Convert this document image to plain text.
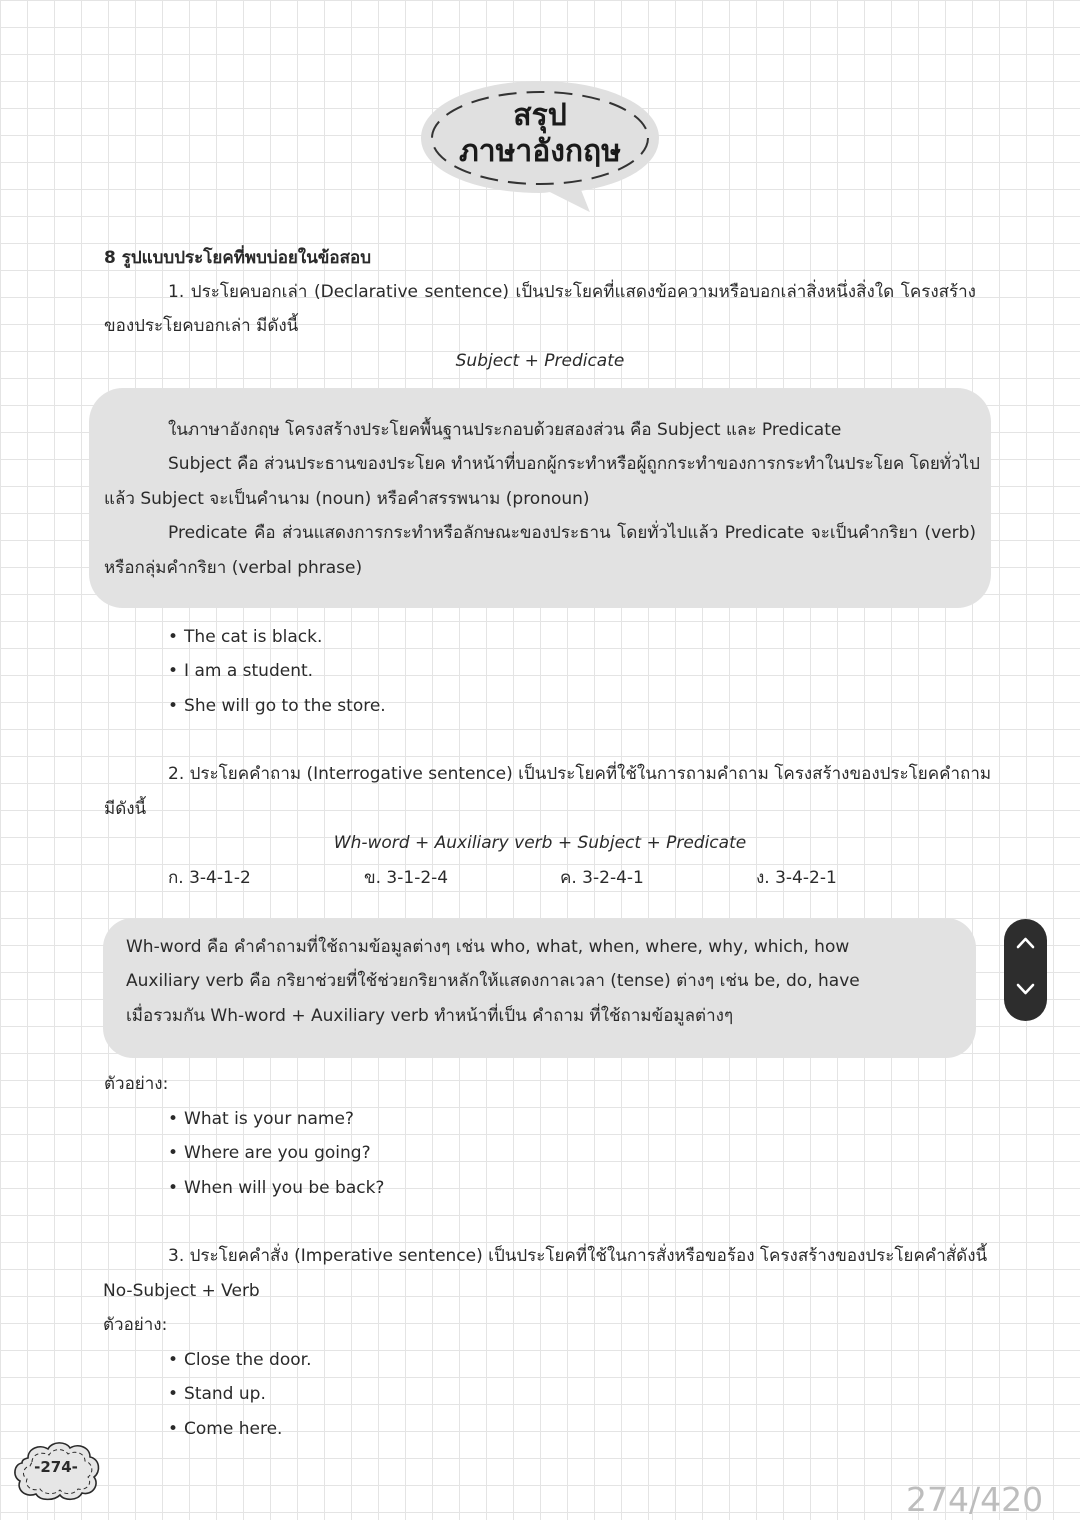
สรุป
ภาษาอังกฤษ
8 รูปแบบประโยคที่พบบ่อยในข้อสอบ
1. ประโยคบอกเล่า (Declarative sentence) เป็นประโยคที่แสดงข้อความหรือบอกเล่าสิ่งหนึ่งสิ่งใด โครงสร้าง
ของประโยคบอกเล่า มีดังนี้
Subject + Predicate
ในภาษาอังกฤษ โครงสร้างประโยคพื้นฐานประกอบด้วยสองส่วน คือ Subject และ Predicate
Subject คือ ส่วนประธานของประโยค ทำหน้าที่บอกผู้กระทำหรือผู้ถูกกระทำของการกระทำในประโยค โดยทั่วไป
แล้ว Subject จะเป็นคำนาม (noun) หรือคำสรรพนาม (pronoun)
Predicate คือ ส่วนแสดงการกระทำหรือลักษณะของประธาน โดยทั่วไปแล้ว Predicate จะเป็นคำกริยา (verb)
หรือกลุ่มคำกริยา (verbal phrase)
• The cat is black.
• I am a student.
• She will go to the store.
2. ประโยคคำถาม (Interrogative sentence) เป็นประโยคที่ใช้ในการถามคำถาม โครงสร้างของประโยคคำถาม
มีดังนี้
Wh-word + Auxiliary verb + Subject + Predicate
ก. 3-4-1-2	ข. 3-1-2-4	ค. 3-2-4-1	ง. 3-4-2-1
Wh-word คือ คำคำถามที่ใช้ถามข้อมูลต่างๆ เช่น who, what, when, where, why, which, how
Auxiliary verb คือ กริยาช่วยที่ใช้ช่วยกริยาหลักให้แสดงกาลเวลา (tense) ต่างๆ เช่น be, do, have
เมื่อรวมกัน Wh-word + Auxiliary verb ทำหน้าที่เป็น คำถาม ที่ใช้ถามข้อมูลต่างๆ
ตัวอย่าง:
• What is your name?
• Where are you going?
• When will you be back?
3. ประโยคคำสั่ง (Imperative sentence) เป็นประโยคที่ใช้ในการสั่งหรือขอร้อง โครงสร้างของประโยคคำสั่ดังนี้
No-Subject + Verb
ตัวอย่าง:
• Close the door.
• Stand up.
• Come here.
-274-
274/420
